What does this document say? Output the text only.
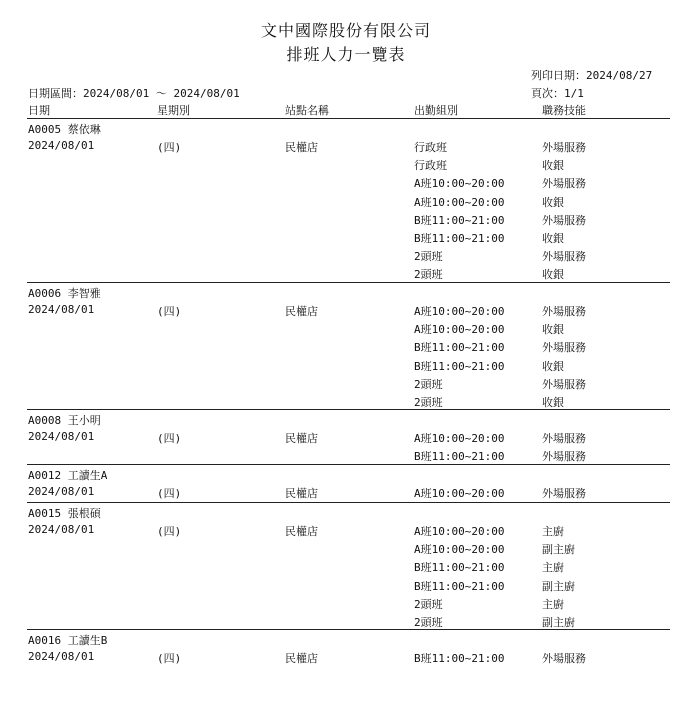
文中國際股份有限公司
排班人力一覽表
列印日期：2024/08/27
頁次：1/1
日期區間：2024/08/01 ～ 2024/08/01
日期	星期別	站點名稱	出勤組別	職務技能
A0005 蔡依琳
2024/08/01	(四)	民權店	行政班	外場服務
行政班	收銀
A班10:00~20:00	外場服務
A班10:00~20:00	收銀
B班11:00~21:00	外場服務
B班11:00~21:00	收銀
2頭班	外場服務
2頭班	收銀
A0006 李智雅
2024/08/01	(四)	民權店	A班10:00~20:00	外場服務
A班10:00~20:00	收銀
B班11:00~21:00	外場服務
B班11:00~21:00	收銀
2頭班	外場服務
2頭班	收銀
A0008 王小明
2024/08/01	(四)	民權店	A班10:00~20:00	外場服務
B班11:00~21:00	外場服務
A0012 工讀生A
2024/08/01	(四)	民權店	A班10:00~20:00	外場服務
A0015 張根碩
2024/08/01	(四)	民權店	A班10:00~20:00	主廚
A班10:00~20:00	副主廚
B班11:00~21:00	主廚
B班11:00~21:00	副主廚
2頭班	主廚
2頭班	副主廚
A0016 工讀生B
2024/08/01	(四)	民權店	B班11:00~21:00	外場服務
